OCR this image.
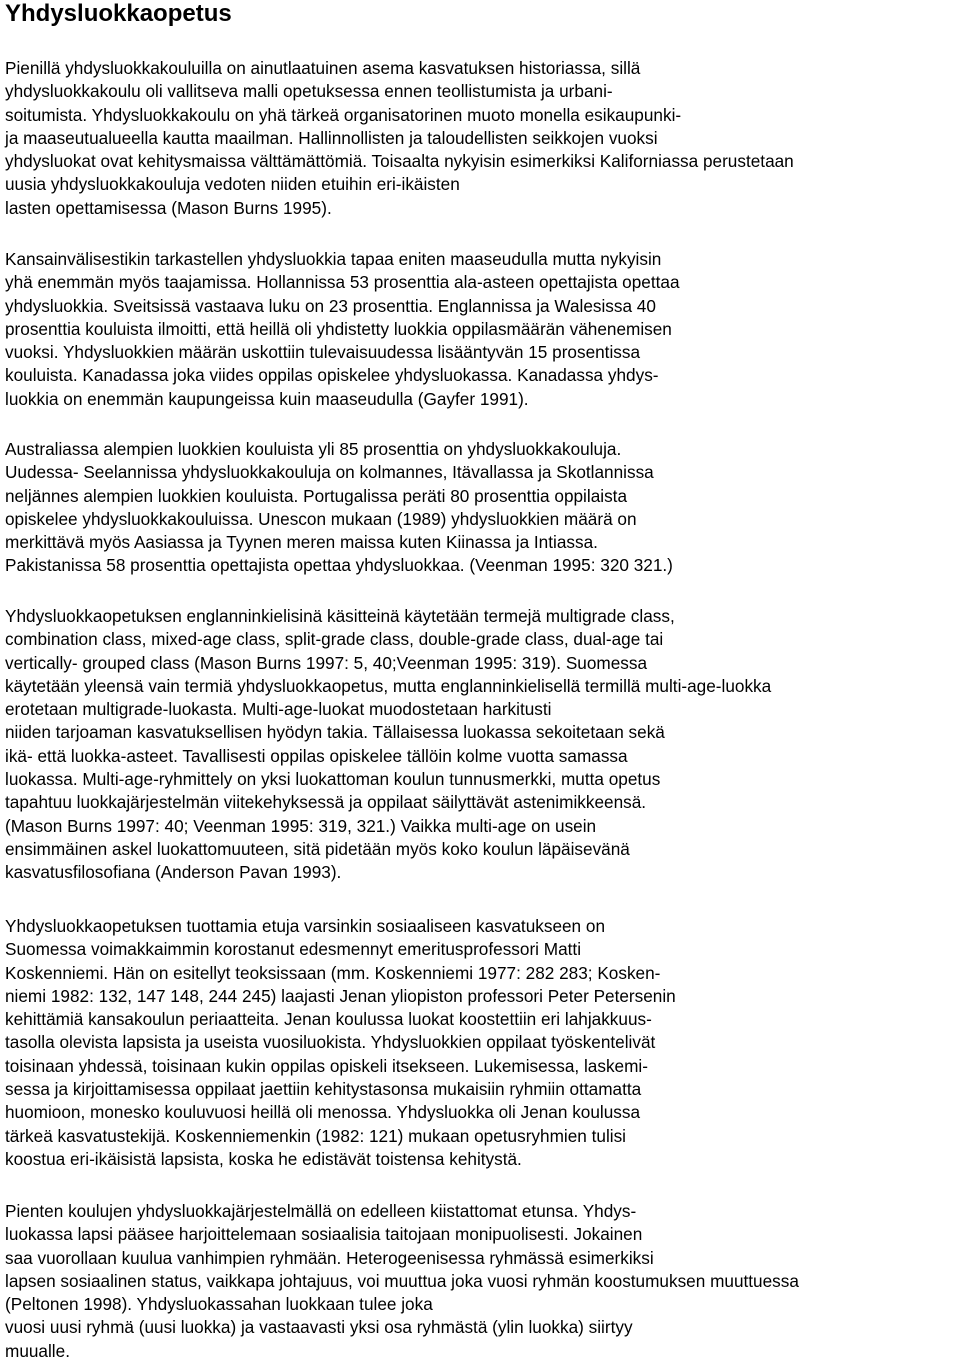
Yhdysluokkaopetus

Pienillä yhdysluokkakouluilla on ainutlaatuinen asema kasvatuksen historiassa, sillä
yhdysluokkakoulu oli vallitseva malli opetuksessa ennen teollistumista ja urbani-
soitumista. Yhdysluokkakoulu on yhä tärkeä organisatorinen muoto monella esikaupunki-
ja maaseutualueella kautta maailman. Hallinnollisten ja taloudellisten seikkojen vuoksi
yhdysluokat ovat kehitysmaissa välttämättömiä. Toisaalta nykyisin esimerkiksi Kaliforniassa perustetaan
uusia yhdysluokkakouluja vedoten niiden etuihin eri-ikäisten
lasten opettamisessa (Mason Burns 1995).

Kansainvälisestikin tarkastellen yhdysluokkia tapaa eniten maaseudulla mutta nykyisin
yhä enemmän myös taajamissa. Hollannissa 53 prosenttia ala-asteen opettajista opettaa
yhdysluokkia. Sveitsissä vastaava luku on 23 prosenttia. Englannissa ja Walesissa 40
prosenttia kouluista ilmoitti, että heillä oli yhdistetty luokkia oppilasmäärän vähenemisen
vuoksi. Yhdysluokkien määrän uskottiin tulevaisuudessa lisääntyvän 15 prosentissa
kouluista. Kanadassa joka viides oppilas opiskelee yhdysluokassa. Kanadassa yhdys-
luokkia on enemmän kaupungeissa kuin maaseudulla (Gayfer 1991).

Australiassa alempien luokkien kouluista yli 85 prosenttia on yhdysluokkakouluja.
Uudessa- Seelannissa yhdysluokkakouluja on kolmannes, Itävallassa ja Skotlannissa
neljännes alempien luokkien kouluista. Portugalissa peräti 80 prosenttia oppilaista
opiskelee yhdysluokkakouluissa. Unescon mukaan (1989) yhdysluokkien määrä on
merkittävä myös Aasiassa ja Tyynen meren maissa kuten Kiinassa ja Intiassa.
Pakistanissa 58 prosenttia opettajista opettaa yhdysluokkaa. (Veenman 1995: 320 321.)

Yhdysluokkaopetuksen englanninkielisinä käsitteinä käytetään termejä multigrade class,
combination class, mixed-age class, split-grade class, double-grade class, dual-age tai
vertically- grouped class (Mason Burns 1997: 5, 40;Veenman 1995: 319). Suomessa
käytetään yleensä vain termiä yhdysluokkaopetus, mutta englanninkielisellä termillä multi-age-luokka
erotetaan multigrade-luokasta. Multi-age-luokat muodostetaan harkitusti
niiden tarjoaman kasvatuksellisen hyödyn takia. Tällaisessa luokassa sekoitetaan sekä
ikä- että luokka-asteet. Tavallisesti oppilas opiskelee tällöin kolme vuotta samassa
luokassa. Multi-age-ryhmittely on yksi luokattoman koulun tunnusmerkki, mutta opetus
tapahtuu luokkajärjestelmän viitekehyksessä ja oppilaat säilyttävät astenimikkeensä.
(Mason Burns 1997: 40; Veenman 1995: 319, 321.) Vaikka multi-age on usein
ensimmäinen askel luokattomuuteen, sitä pidetään myös koko koulun läpäisevänä
kasvatusfilosofiana (Anderson Pavan 1993).

Yhdysluokkaopetuksen tuottamia etuja varsinkin sosiaaliseen kasvatukseen on
Suomessa voimakkaimmin korostanut edesmennyt emeritusprofessori Matti
Koskenniemi. Hän on esitellyt teoksissaan (mm. Koskenniemi 1977: 282 283; Kosken-
niemi 1982: 132, 147 148, 244 245) laajasti Jenan yliopiston professori Peter Petersenin
kehittämiä kansakoulun periaatteita. Jenan koulussa luokat koostettiin eri lahjakkuus-
tasolla olevista lapsista ja useista vuosiluokista. Yhdysluokkien oppilaat työskentelivät
toisinaan yhdessä, toisinaan kukin oppilas opiskeli itsekseen. Lukemisessa, laskemi-
sessa ja kirjoittamisessa oppilaat jaettiin kehitystasonsa mukaisiin ryhmiin ottamatta
huomioon, monesko kouluvuosi heillä oli menossa. Yhdysluokka oli Jenan koulussa
tärkeä kasvatustekijä. Koskenniemenkin (1982: 121) mukaan opetusryhmien tulisi
koostua eri-ikäisistä lapsista, koska he edistävät toistensa kehitystä.

Pienten koulujen yhdysluokkajärjestelmällä on edelleen kiistattomat etunsa. Yhdys-
luokassa lapsi pääsee harjoittelemaan sosiaalisia taitojaan monipuolisesti. Jokainen
saa vuorollaan kuulua vanhimpien ryhmään. Heterogeenisessa ryhmässä esimerkiksi
lapsen sosiaalinen status, vaikkapa johtajuus, voi muuttua joka vuosi ryhmän koostumuksen muuttuessa
(Peltonen 1998). Yhdysluokassahan luokkaan tulee joka
vuosi uusi ryhmä (uusi luokka) ja vastaavasti yksi osa ryhmästä (ylin luokka) siirtyy
muualle.
